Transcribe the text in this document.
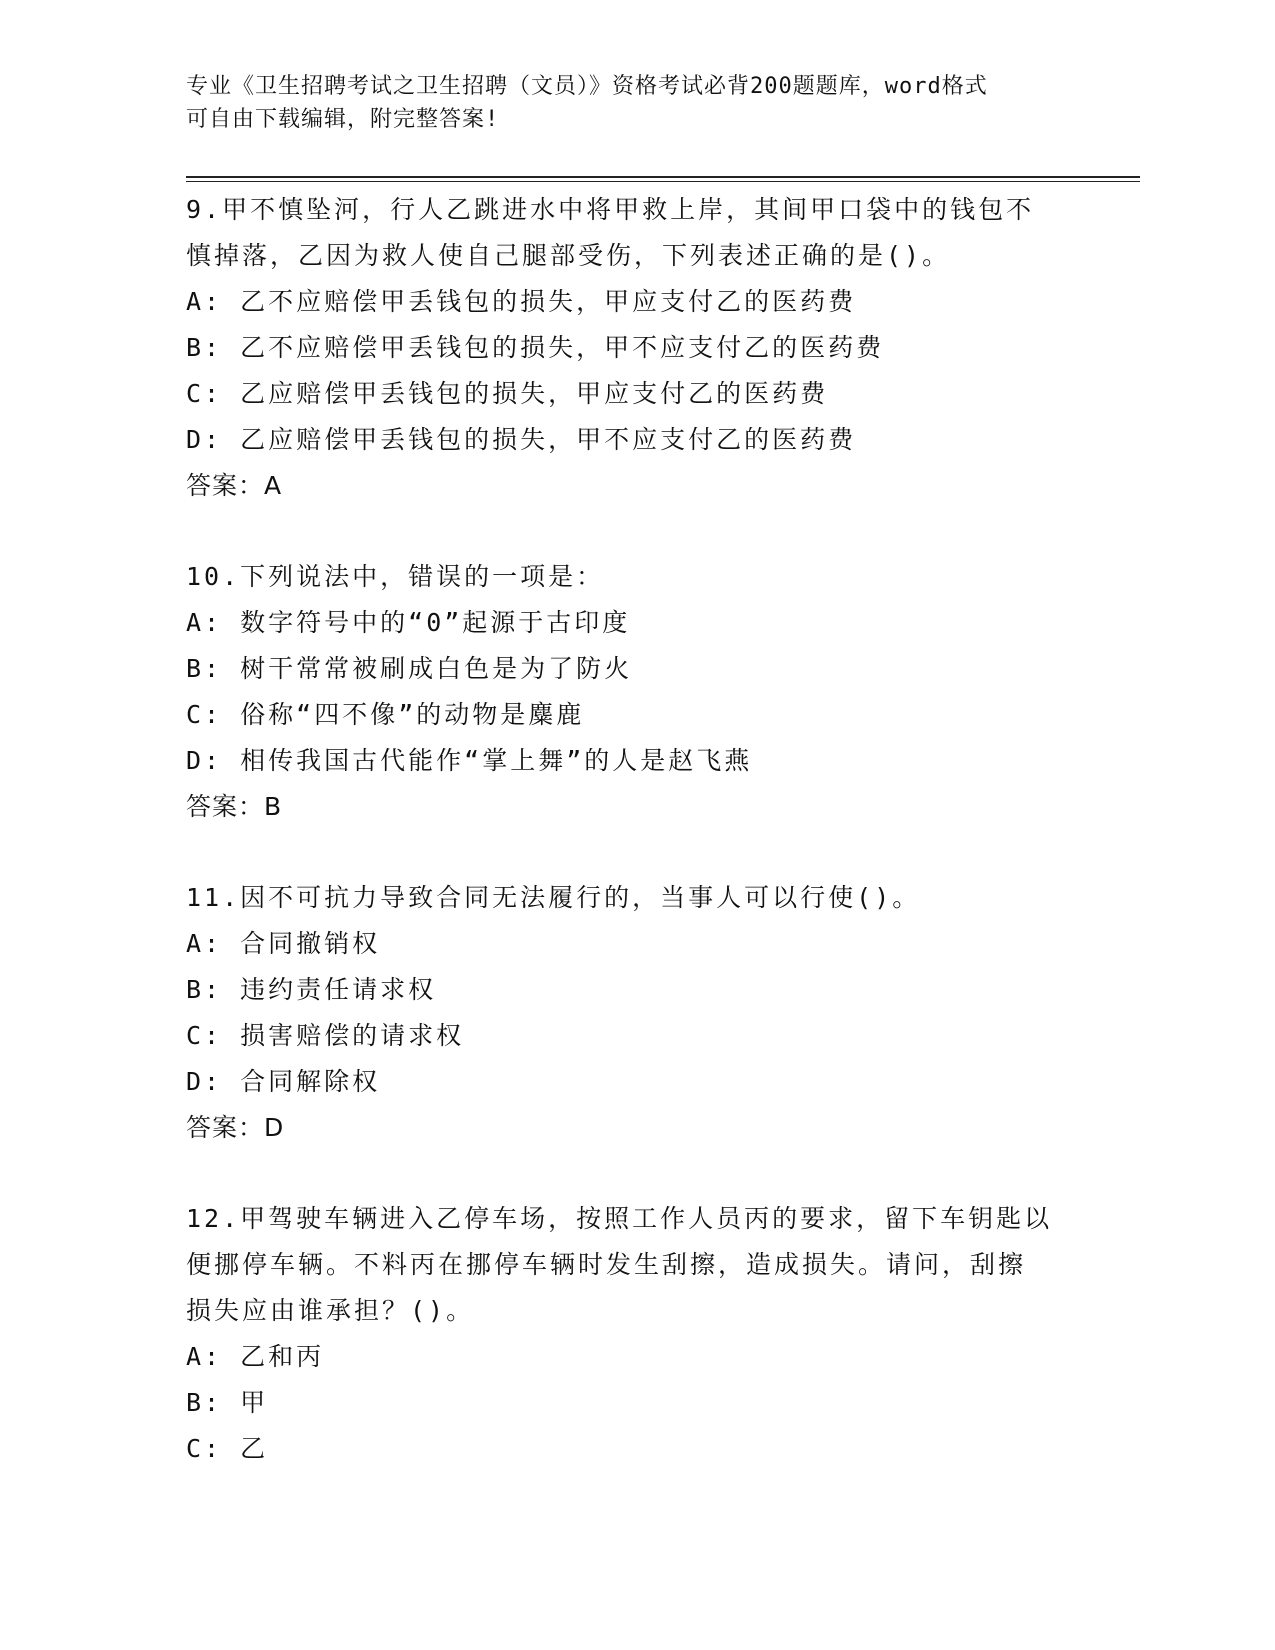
专业《卫生招聘考试之卫生招聘（文员）》资格考试必背200题题库，word格式
可自由下载编辑，附完整答案!
9.甲不慎坠河，行人乙跳进水中将甲救上岸，其间甲口袋中的钱包不
慎掉落，乙因为救人使自己腿部受伤，下列表述正确的是()。
A: 乙不应赔偿甲丢钱包的损失，甲应支付乙的医药费
B: 乙不应赔偿甲丢钱包的损失，甲不应支付乙的医药费
C: 乙应赔偿甲丢钱包的损失，甲应支付乙的医药费
D: 乙应赔偿甲丢钱包的损失，甲不应支付乙的医药费
答案：A
10.下列说法中，错误的一项是：
A: 数字符号中的“0”起源于古印度
B: 树干常常被刷成白色是为了防火
C: 俗称“四不像”的动物是麋鹿
D: 相传我国古代能作“掌上舞”的人是赵飞燕
答案：B
11.因不可抗力导致合同无法履行的，当事人可以行使()。
A: 合同撤销权
B: 违约责任请求权
C: 损害赔偿的请求权
D: 合同解除权
答案：D
12.甲驾驶车辆进入乙停车场，按照工作人员丙的要求，留下车钥匙以
便挪停车辆。不料丙在挪停车辆时发生刮擦，造成损失。请问，刮擦
损失应由谁承担？()。
A: 乙和丙
B: 甲
C: 乙
